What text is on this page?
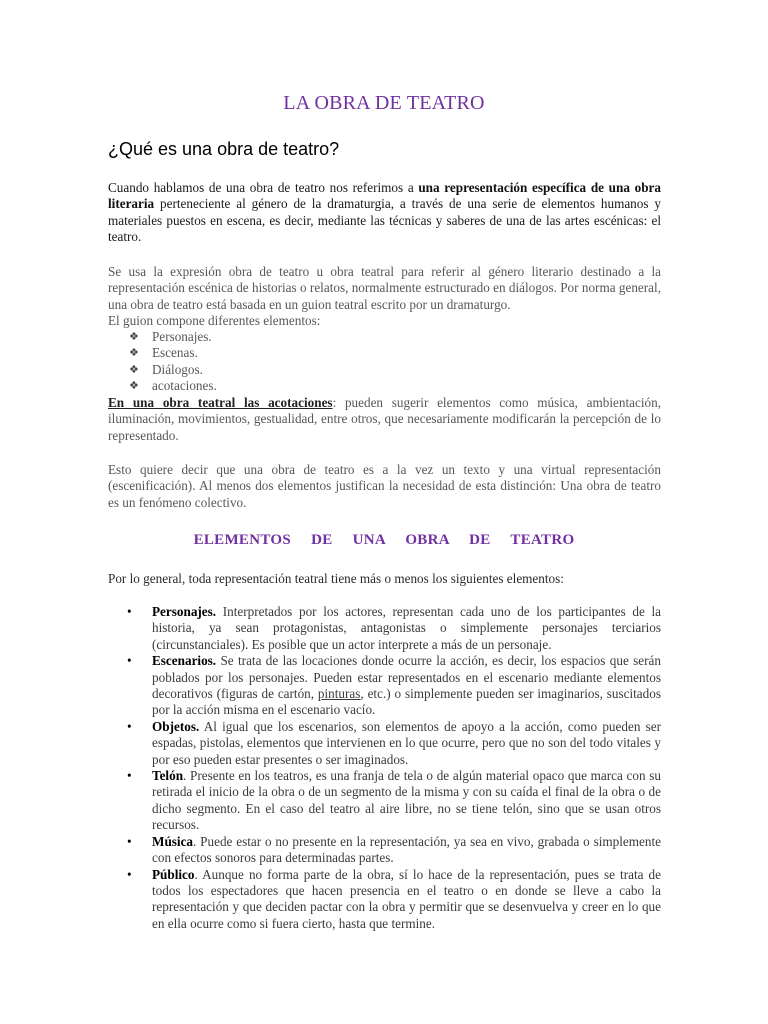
LA OBRA DE TEATRO
¿Qué es una obra de teatro?
Cuando hablamos de una obra de teatro nos referimos a una representación específica de una obra literaria perteneciente al género de la dramaturgia, a través de una serie de elementos humanos y materiales puestos en escena, es decir, mediante las técnicas y saberes de una de las artes escénicas: el teatro.
Se usa la expresión obra de teatro u obra teatral para referir al género literario destinado a la representación escénica de historias o relatos, normalmente estructurado en diálogos. Por norma general, una obra de teatro está basada en un guion teatral escrito por un dramaturgo.
El guion compone diferentes elementos:
❖ Personajes.
❖ Escenas.
❖ Diálogos.
❖ acotaciones.
En una obra teatral las acotaciones: pueden sugerir elementos como música, ambientación, iluminación, movimientos, gestualidad, entre otros, que necesariamente modificarán la percepción de lo representado.
Esto quiere decir que una obra de teatro es a la vez un texto y una virtual representación (escenificación). Al menos dos elementos justifican la necesidad de esta distinción: Una obra de teatro es un fenómeno colectivo.
ELEMENTOS  DE  UNA  OBRA  DE  TEATRO
Por lo general, toda representación teatral tiene más o menos los siguientes elementos:
• Personajes. Interpretados por los actores, representan cada uno de los participantes de la historia, ya sean protagonistas, antagonistas o simplemente personajes terciarios (circunstanciales). Es posible que un actor interprete a más de un personaje.
• Escenarios. Se trata de las locaciones donde ocurre la acción, es decir, los espacios que serán poblados por los personajes. Pueden estar representados en el escenario mediante elementos decorativos (figuras de cartón, pinturas, etc.) o simplemente pueden ser imaginarios, suscitados por la acción misma en el escenario vacío.
• Objetos. Al igual que los escenarios, son elementos de apoyo a la acción, como pueden ser espadas, pistolas, elementos que intervienen en lo que ocurre, pero que no son del todo vitales y por eso pueden estar presentes o ser imaginados.
• Telón. Presente en los teatros, es una franja de tela o de algún material opaco que marca con su retirada el inicio de la obra o de un segmento de la misma y con su caída el final de la obra o de dicho segmento. En el caso del teatro al aire libre, no se tiene telón, sino que se usan otros recursos.
• Música. Puede estar o no presente en la representación, ya sea en vivo, grabada o simplemente con efectos sonoros para determinadas partes.
• Público. Aunque no forma parte de la obra, sí lo hace de la representación, pues se trata de todos los espectadores que hacen presencia en el teatro o en donde se lleve a cabo la representación y que deciden pactar con la obra y permitir que se desenvuelva y creer en lo que en ella ocurre como si fuera cierto, hasta que termine.
